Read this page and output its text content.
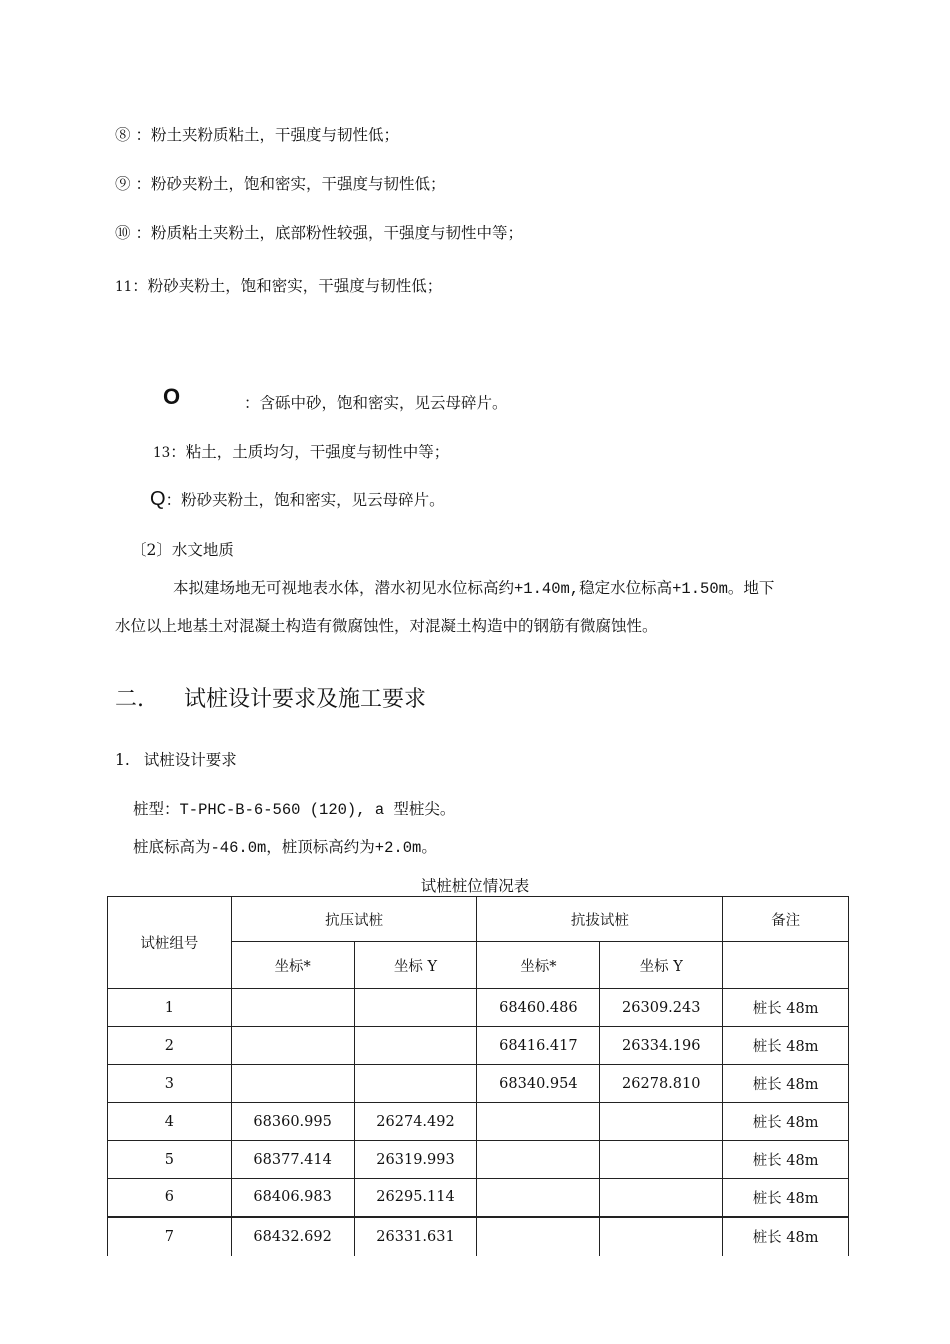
⑧ ：粉土夹粉质粘土，干强度与韧性低；
⑨ ：粉砂夹粉土，饱和密实，干强度与韧性低；
⑩ ：粉质粘土夹粉土，底部粉性较强，干强度与韧性中等；
11：粉砂夹粉土，饱和密实，干强度与韧性低；
O	：含砾中砂，饱和密实，见云母碎片。
13：粘土，土质均匀，干强度与韧性中等；
Q：粉砂夹粉土，饱和密实，见云母碎片。
〔2〕水文地质
本拟建场地无可视地表水体，潜水初见水位标高约+1.40m,稳定水位标高+1.50m。地下
水位以上地基土对混凝土构造有微腐蚀性，对混凝土构造中的钢筋有微腐蚀性。
二. 试桩设计要求及施工要求
1. 试桩设计要求
桩型：T-PHC-B-6-560 (120), a 型桩尖。
桩底标高为-46.0m，桩顶标高约为+2.0m。
试桩桩位情况表
试桩组号	抗压试桩		抗拔试桩		备注
	坐标*	坐标 Y	坐标*	坐标 Y	
1			68460.486	26309.243	桩长 48m
2			68416.417	26334.196	桩长 48m
3			68340.954	26278.810	桩长 48m
4	68360.995	26274.492			桩长 48m
5	68377.414	26319.993			桩长 48m
6	68406.983	26295.114			桩长 48m
7	68432.692	26331.631			桩长 48m
